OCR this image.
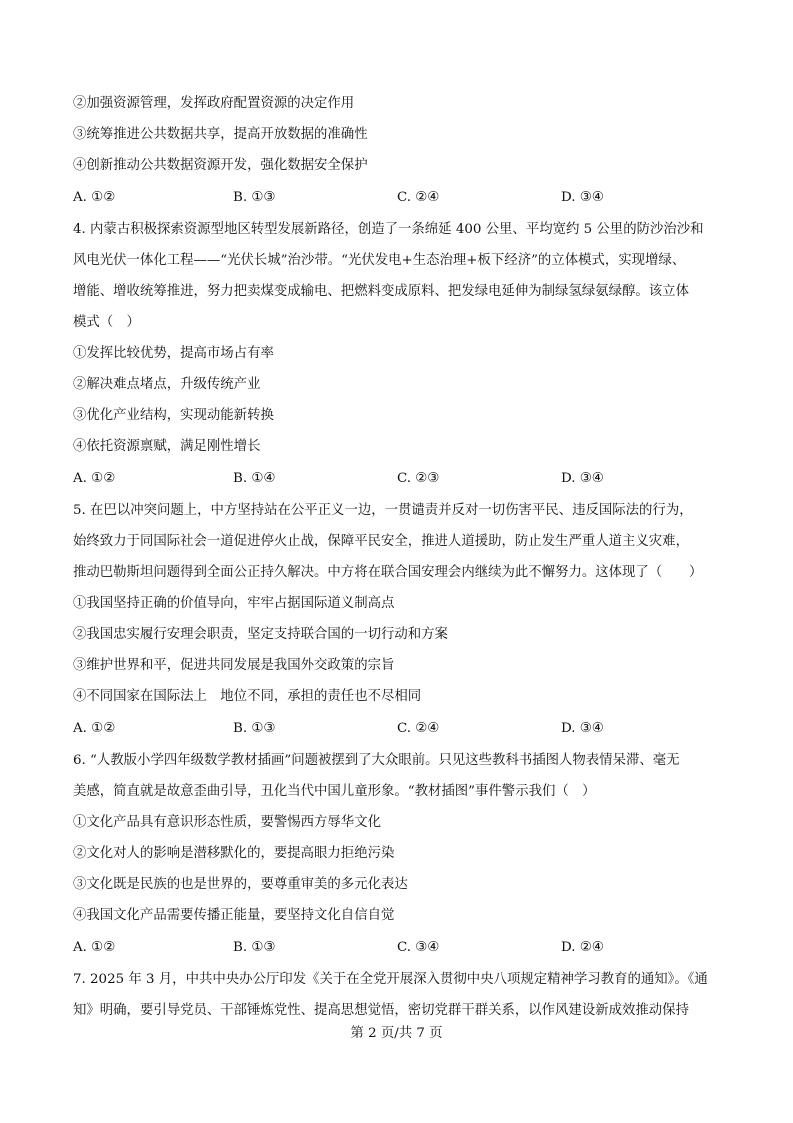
②加强资源管理，发挥政府配置资源的决定作用
③统筹推进公共数据共享，提高开放数据的准确性
④创新推动公共数据资源开发，强化数据安全保护
A. ①②	B. ①③	C. ②④	D. ③④
4. 内蒙古积极探索资源型地区转型发展新路径，创造了一条绵延 400 公里、平均宽约 5 公里的防沙治沙和
风电光伏一体化工程——“光伏长城”治沙带。“光伏发电+生态治理+板下经济”的立体模式，实现增绿、
增能、增收统筹推进，努力把卖煤变成输电、把燃料变成原料、把发绿电延伸为制绿氢绿氨绿醇。该立体
模式（　）
①发挥比较优势，提高市场占有率
②解决难点堵点，升级传统产业
③优化产业结构，实现动能新转换
④依托资源禀赋，满足刚性增长
A. ①②	B. ①④	C. ②③	D. ③④
5. 在巴以冲突问题上，中方坚持站在公平正义一边，一贯谴责并反对一切伤害平民、违反国际法的行为，
始终致力于同国际社会一道促进停火止战，保障平民安全，推进人道援助，防止发生严重人道主义灾难，
推动巴勒斯坦问题得到全面公正持久解决。中方将在联合国安理会内继续为此不懈努力。这体现了（　　）
①我国坚持正确的价值导向，牢牢占据国际道义制高点
②我国忠实履行安理会职责，坚定支持联合国的一切行动和方案
③维护世界和平，促进共同发展是我国外交政策的宗旨
④不同国家在国际法上　地位不同，承担的责任也不尽相同
A. ①②	B. ①③	C. ②④	D. ③④
6. “人教版小学四年级数学教材插画”问题被摆到了大众眼前。只见这些教科书插图人物表情呆滞、毫无
美感，简直就是故意歪曲引导，丑化当代中国儿童形象。“教材插图”事件警示我们（　）
①文化产品具有意识形态性质，要警惕西方辱华文化
②文化对人的影响是潜移默化的，要提高眼力拒绝污染
③文化既是民族的也是世界的，要尊重审美的多元化表达
④我国文化产品需要传播正能量，要坚持文化自信自觉
A. ①②	B. ①③	C. ③④	D. ②④
7. 2025 年 3 月，中共中央办公厅印发《关于在全党开展深入贯彻中央八项规定精神学习教育的通知》。《通
知》明确，要引导党员、干部锤炼党性、提高思想觉悟，密切党群干群关系，以作风建设新成效推动保持
第 2 页/共 7 页
